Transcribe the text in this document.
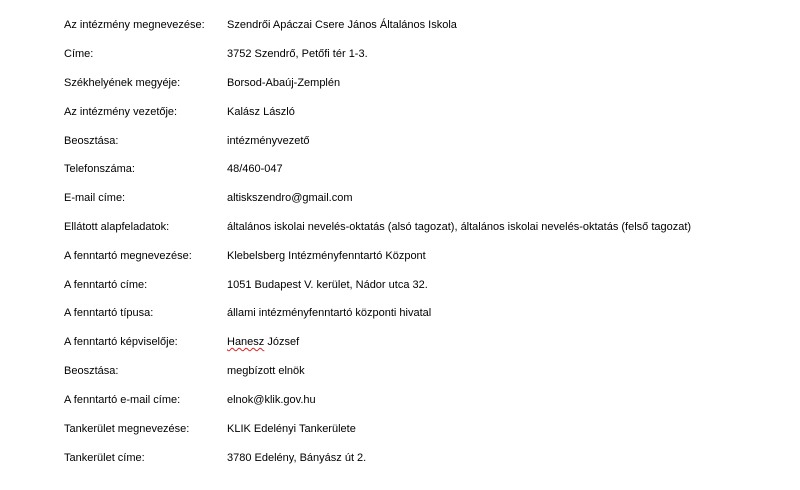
Az intézmény megnevezése: Szendrői Apáczai Csere János Általános Iskola
Címe:	3752 Szendrő, Petőfi tér 1-3.
Székhelyének megyéje:	Borsod-Abaúj-Zemplén
Az intézmény vezetője:	Kalász László
Beosztása:	intézményvezető
Telefonszáma:	48/460-047
E-mail címe:	altiskszendro@gmail.com
Ellátott alapfeladatok:	általános iskolai nevelés-oktatás (alsó tagozat), általános iskolai nevelés-oktatás (felső tagozat)
A fenntartó megnevezése:	Klebelsberg Intézményfenntartó Központ
A fenntartó címe:	1051 Budapest V. kerület, Nádor utca 32.
A fenntartó típusa:	állami intézményfenntartó központi hivatal
A fenntartó képviselője:	Hanesz József
Beosztása:	megbízott elnök
A fenntartó e-mail címe:	elnok@klik.gov.hu
Tankerület megnevezése:	KLIK Edelényi Tankerülete
Tankerület címe:	3780 Edelény, Bányász út 2.
